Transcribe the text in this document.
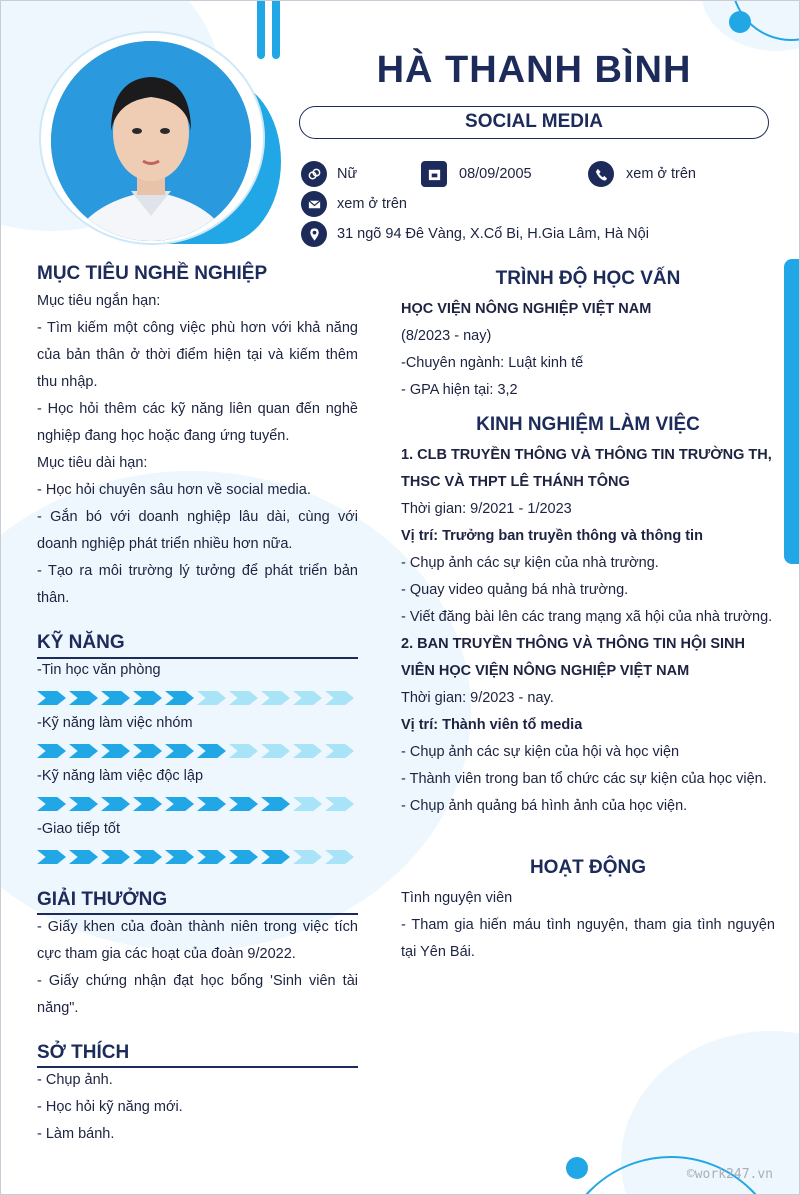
HÀ THANH BÌNH
SOCIAL MEDIA
Nữ	08/09/2005	xem ở trên
xem ở trên
31 ngõ 94 Đê Vàng, X.Cổ Bi, H.Gia Lâm, Hà Nội
MỤC TIÊU NGHỀ NGHIỆP

Mục tiêu ngắn hạn:

- Tìm kiếm một công việc phù hơn với khả năng của bản thân ở thời điểm hiện tại và kiếm thêm thu nhập.

- Học hỏi thêm các kỹ năng liên quan đến nghề nghiệp đang học hoặc đang ứng tuyển.

Mục tiêu dài hạn:

- Học hỏi chuyên sâu hơn về social media.

- Gắn bó với doanh nghiệp lâu dài, cùng với doanh nghiệp phát triển nhiều hơn nữa.

- Tạo ra môi trường lý tưởng để phát triển bản thân.

KỸ NĂNG
-Tin học văn phòng
-Kỹ năng làm việc nhóm
-Kỹ năng làm việc độc lập
-Giao tiếp tốt
GIẢI THƯỞNG

- Giấy khen của đoàn thành niên trong việc tích cực tham gia các hoạt của đoàn 9/2022.

- Giấy chứng nhận đạt học bổng 'Sinh viên tài năng".

SỞ THÍCH

- Chụp ảnh.

- Học hỏi kỹ năng mới.

- Làm bánh.

TRÌNH ĐỘ HỌC VẤN

HỌC VIỆN NÔNG NGHIỆP VIỆT NAM

(8/2023 - nay)

-Chuyên ngành: Luật kinh tế

- GPA hiện tại: 3,2

KINH NGHIỆM LÀM VIỆC

1. CLB TRUYỀN THÔNG VÀ THÔNG TIN TRƯỜNG TH, THSC VÀ THPT LÊ THÁNH TÔNG

Thời gian: 9/2021 - 1/2023

Vị trí: Trưởng ban truyền thông và thông tin

- Chụp ảnh các sự kiện của nhà trường.

- Quay video quảng bá nhà trường.

- Viết đăng bài lên các trang mạng xã hội của nhà trường.

2. BAN TRUYỀN THÔNG VÀ THÔNG TIN HỘI SINH VIÊN HỌC VIỆN NÔNG NGHIỆP VIỆT NAM

Thời gian: 9/2023 - nay.

Vị trí: Thành viên tổ media

- Chụp ảnh các sự kiện của hội và học viện

- Thành viên trong ban tổ chức các sự kiện của học viện.

- Chụp ảnh quảng bá hình ảnh của học viện.

HOẠT ĐỘNG

Tình nguyện viên

- Tham gia hiến máu tình nguyện, tham gia tình nguyện tại Yên Bái.

©work247.vn
